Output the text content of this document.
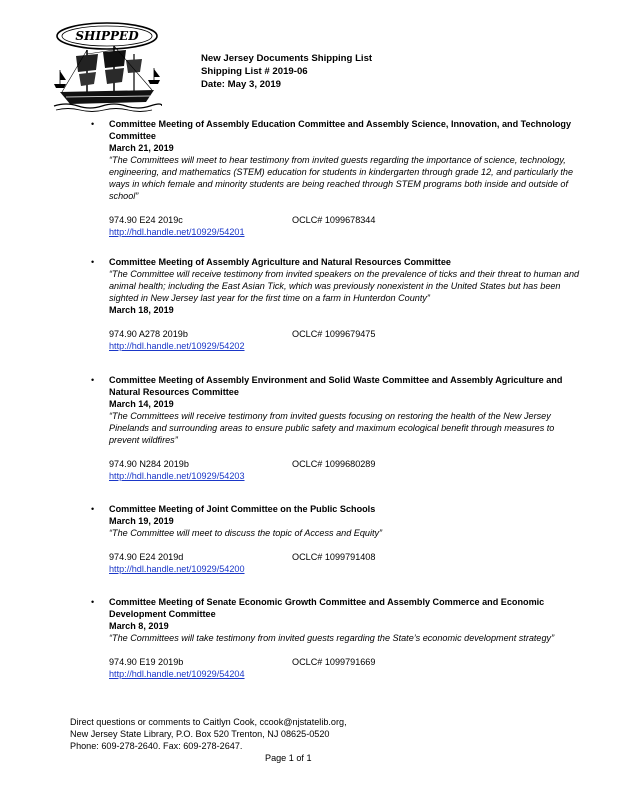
SHIPPED
New Jersey Documents Shipping List
Shipping List # 2019-06
Date: May 3, 2019
• Committee Meeting of Assembly Education Committee and Assembly Science, Innovation, and Technology Committee
March 21, 2019
“The Committees will meet to hear testimony from invited guests regarding the importance of science, technology, engineering, and mathematics (STEM) education for students in kindergarten through grade 12, and particularly the ways in which female and minority students are being reached through STEM programs both inside and outside of school”
974.90 E24 2019c	OCLC# 1099678344
http://hdl.handle.net/10929/54201
• Committee Meeting of Assembly Agriculture and Natural Resources Committee
“The Committee will receive testimony from invited speakers on the prevalence of ticks and their threat to human and animal health; including the East Asian Tick, which was previously nonexistent in the United States but has been sighted in New Jersey last year for the first time on a farm in Hunterdon County”
March 18, 2019
974.90 A278 2019b	OCLC# 1099679475
http://hdl.handle.net/10929/54202
• Committee Meeting of Assembly Environment and Solid Waste Committee and Assembly Agriculture and Natural Resources Committee
March 14, 2019
“The Committees will receive testimony from invited guests focusing on restoring the health of the New Jersey Pinelands and surrounding areas to ensure public safety and maximum ecological benefit through measures to prevent wildfires”
974.90 N284 2019b	OCLC# 1099680289
http://hdl.handle.net/10929/54203
• Committee Meeting of Joint Committee on the Public Schools
March 19, 2019
“The Committee will meet to discuss the topic of Access and Equity”
974.90 E24 2019d	OCLC# 1099791408
http://hdl.handle.net/10929/54200
• Committee Meeting of Senate Economic Growth Committee and Assembly Commerce and Economic Development Committee
March 8, 2019
“The Committees will take testimony from invited guests regarding the State’s economic development strategy”
974.90 E19 2019b	OCLC# 1099791669
http://hdl.handle.net/10929/54204
Direct questions or comments to Caitlyn Cook, ccook@njstatelib.org,
New Jersey State Library, P.O. Box 520 Trenton, NJ 08625-0520
Phone: 609-278-2640. Fax: 609-278-2647.
Page 1 of 1
